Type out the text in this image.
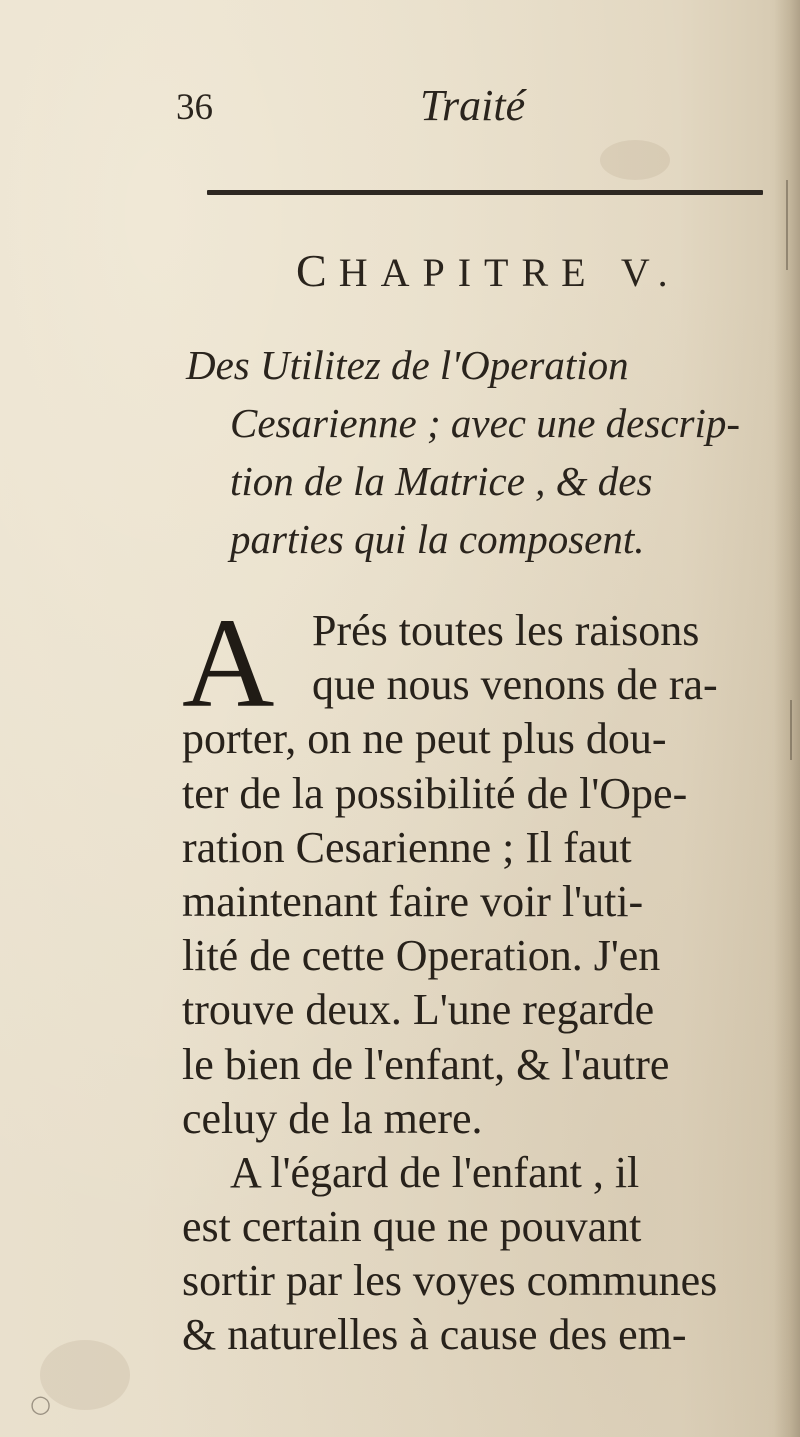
36	Traité
CHAPITRE V.
Des Utilitez de l'Operation
Cesarienne ; avec une descrip-
tion de la Matrice , & des
parties qui la composent.
A Prés toutes les raisons
que nous venons de ra-
porter, on ne peut plus dou-
ter de la possibilité de l'Ope-
ration Cesarienne ; Il faut
maintenant faire voir l'uti-
lité de cette Operation. J'en
trouve deux. L'une regarde
le bien de l'enfant, & l'autre
celuy de la mere.
A l'égard de l'enfant , il
est certain que ne pouvant
sortir par les voyes communes
& naturelles à cause des em-
○
